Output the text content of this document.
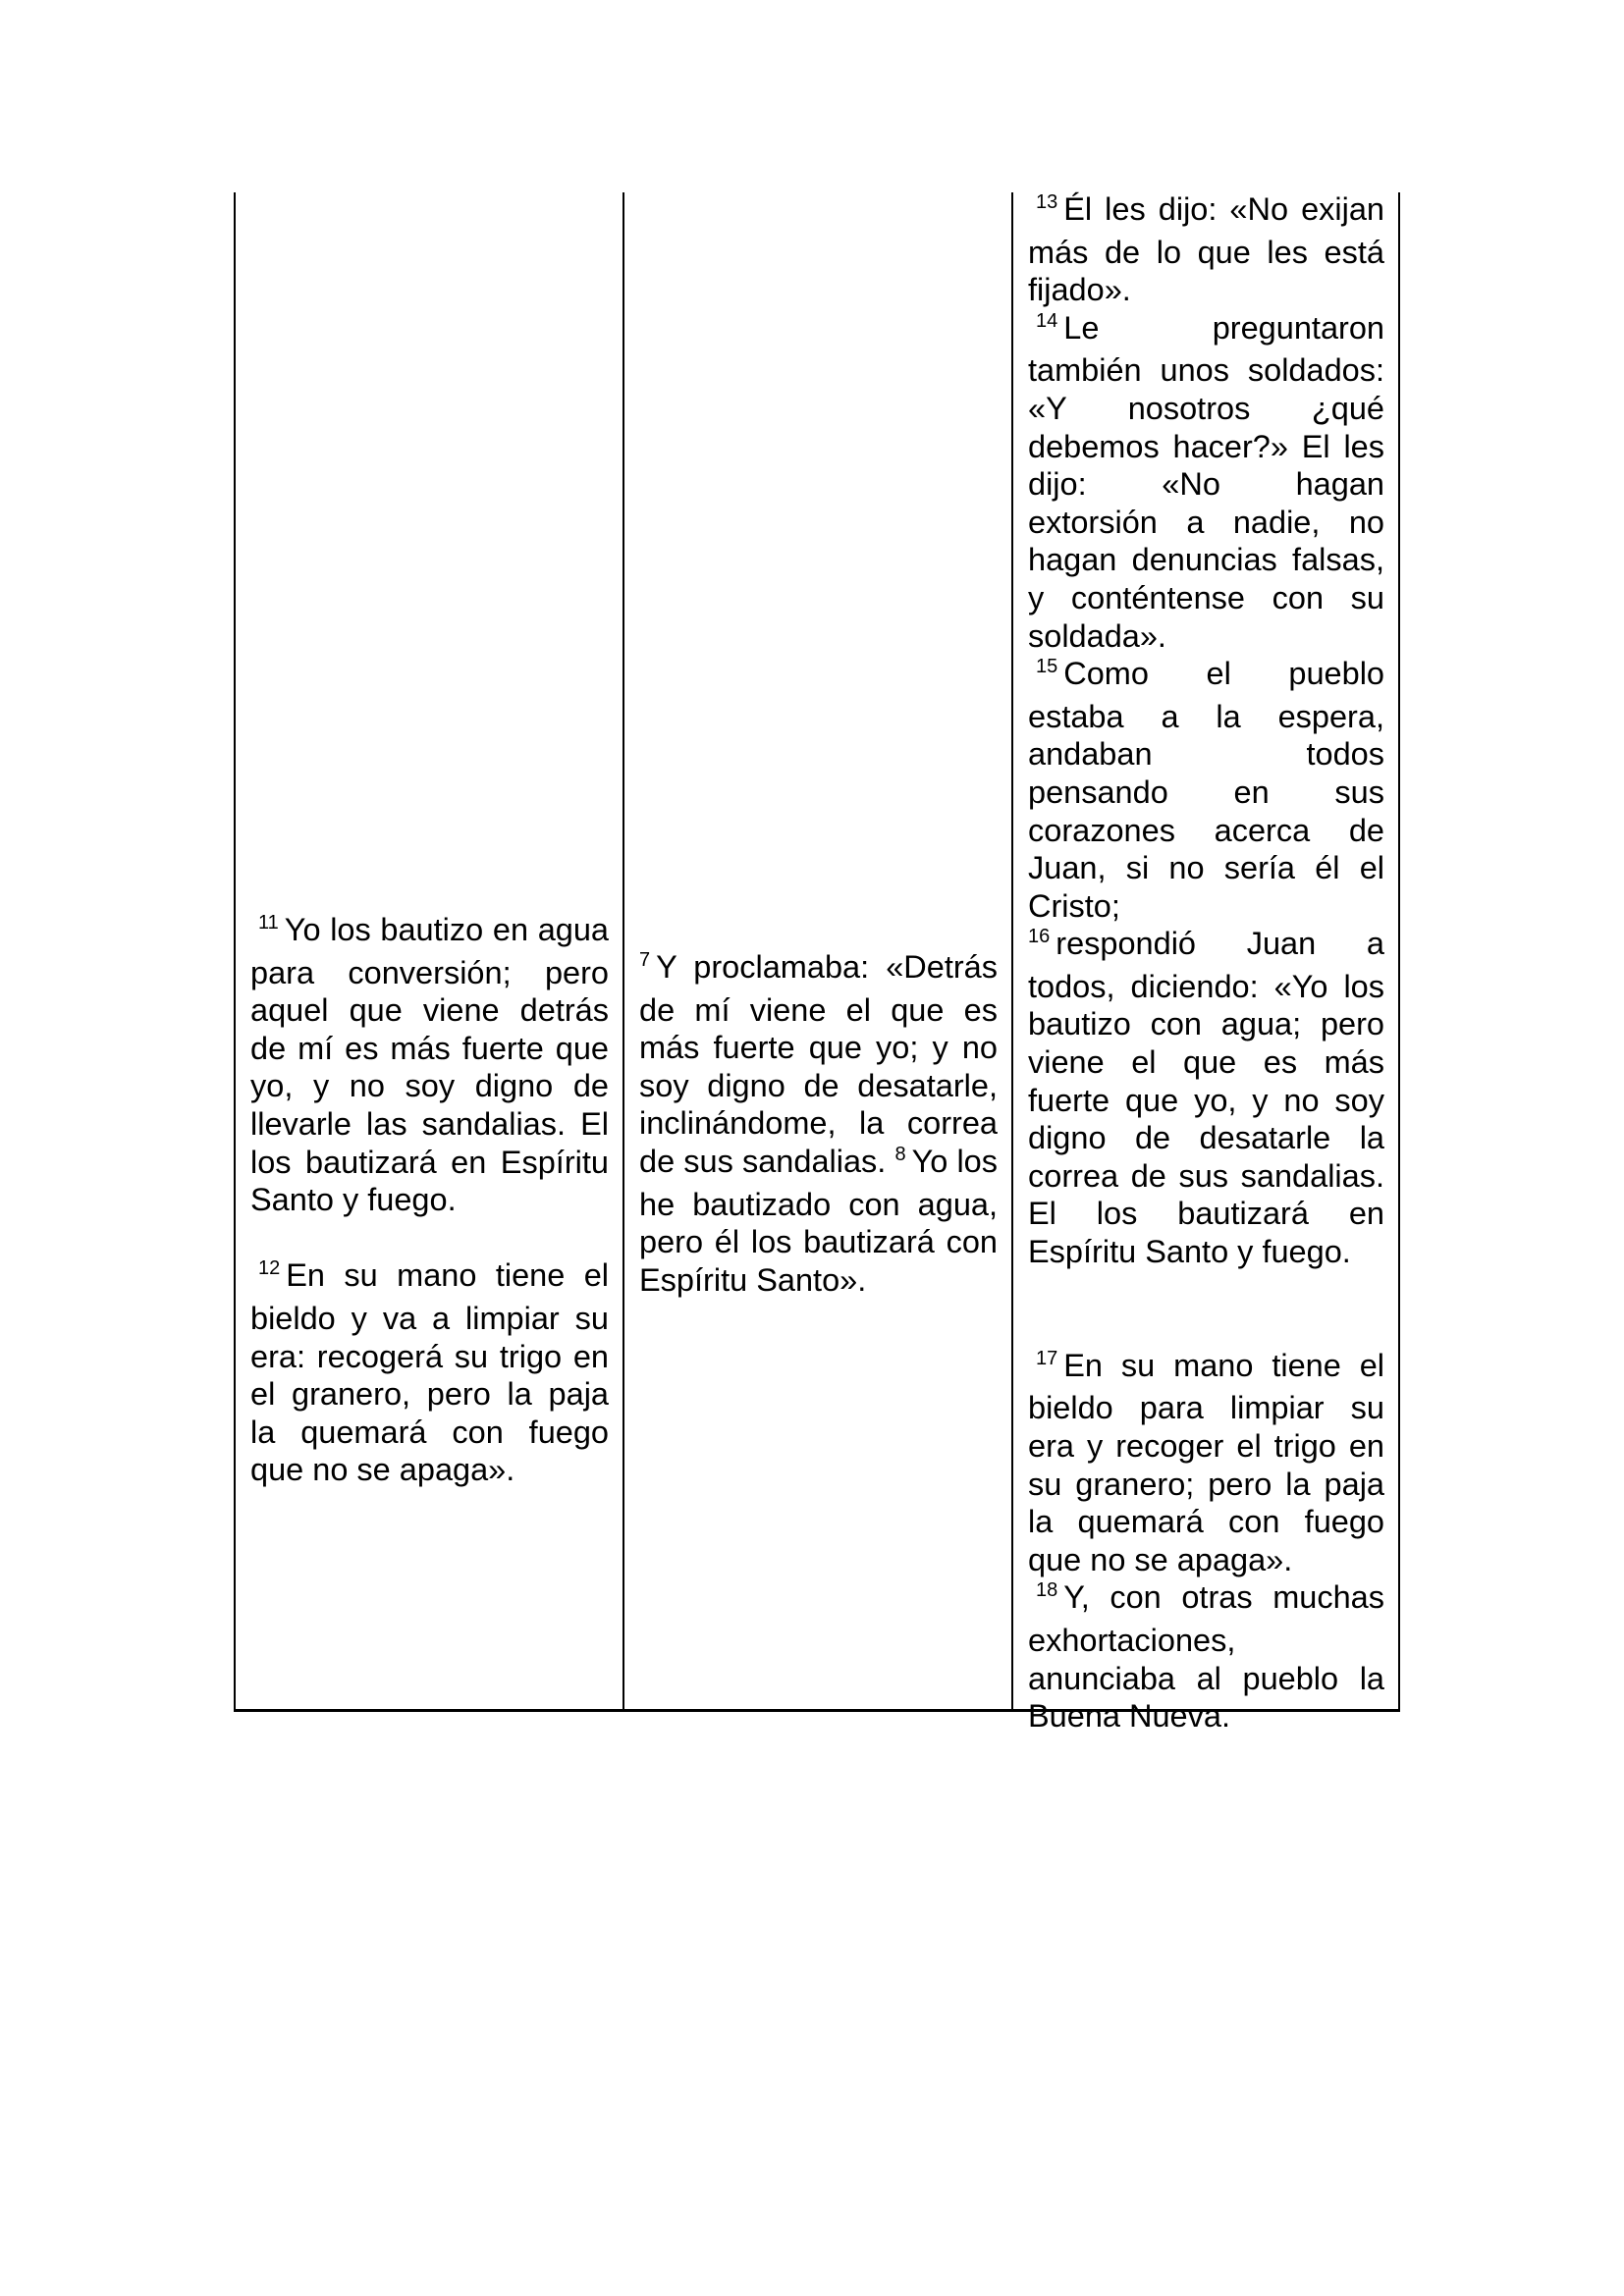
$^{11}$ Yo los bautizo en agua para conversión; pero aquel que viene detrás de mí es más fuerte que yo, y no soy digno de llevarle las sandalias. El los bautizará en Espíritu Santo y fuego.

$^{12}$ En su mano tiene el bieldo y va a limpiar su era: recogerá su trigo en el granero, pero la paja la quemará con fuego que no se apaga».

$^7$ Y proclamaba: «Detrás de mí viene el que es más fuerte que yo; y no soy digno de desatarle, inclinándome, la correa de sus sandalias. $^8$ Yo los he bautizado con agua, pero él los bautizará con Espíritu Santo».

$^{13}$ Él les dijo: «No exijan más de lo que les está fijado».

$^{14}$ Le preguntaron también unos soldados: «Y nosotros ¿qué debemos hacer?» El les dijo: «No hagan extorsión a nadie, no hagan denuncias falsas, y conténtense con su soldada».

$^{15}$ Como el pueblo estaba a la espera, andaban todos pensando en sus corazones acerca de Juan, si no sería él el Cristo;

$^{16}$ respondió Juan a todos, diciendo: «Yo los bautizo con agua; pero viene el que es más fuerte que yo, y no soy digno de desatarle la correa de sus sandalias. El los bautizará en Espíritu Santo y fuego.

$^{17}$ En su mano tiene el bieldo para limpiar su era y recoger el trigo en su granero; pero la paja la quemará con fuego que no se apaga».

$^{18}$ Y, con otras muchas exhortaciones, anunciaba al pueblo la Buena Nueva.
